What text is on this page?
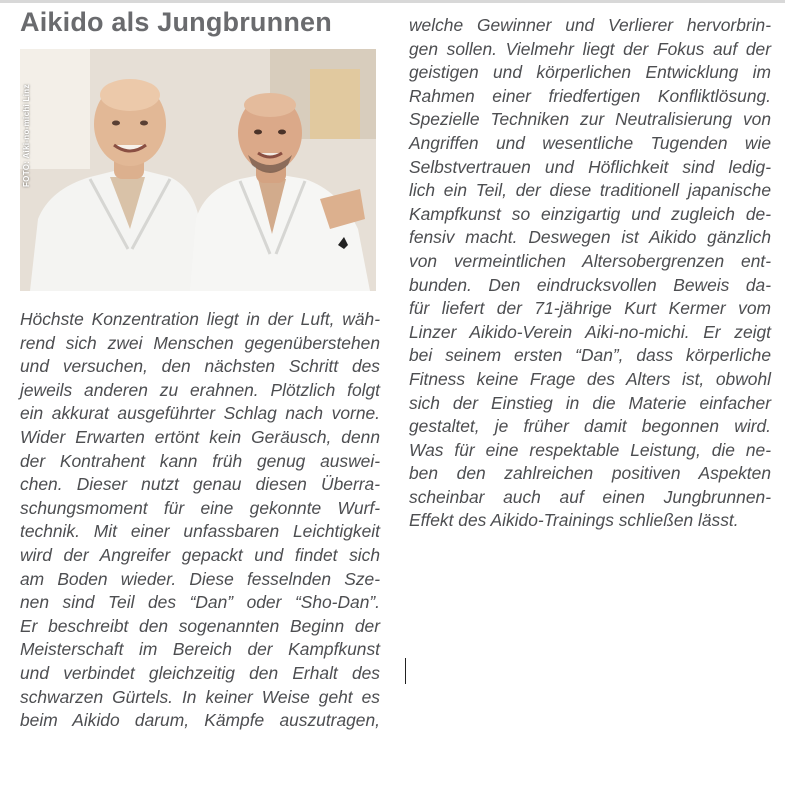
Aikido als Jungbrunnen
FOTO: Aiki-no-michi Linz
Höchste Konzentration liegt in der Luft, wäh-
rend sich zwei Menschen gegenüberstehen
und versuchen, den nächsten Schritt des
jeweils anderen zu erahnen. Plötzlich folgt
ein akkurat ausgeführter Schlag nach vorne.
Wider Erwarten ertönt kein Geräusch, denn
der Kontrahent kann früh genug auswei-
chen. Dieser nutzt genau diesen Überra-
schungsmoment für eine gekonnte Wurf-
technik. Mit einer unfassbaren Leichtigkeit
wird der Angreifer gepackt und findet sich
am Boden wieder. Diese fesselnden Sze-
nen sind Teil des “Dan” oder “Sho-Dan”.
Er beschreibt den sogenannten Beginn der
Meisterschaft im Bereich der Kampfkunst
und verbindet gleichzeitig den Erhalt des
schwarzen Gürtels. In keiner Weise geht es
beim Aikido darum, Kämpfe auszutragen,
welche Gewinner und Verlierer hervorbrin-
gen sollen. Vielmehr liegt der Fokus auf der
geistigen und körperlichen Entwicklung im
Rahmen einer friedfertigen Konfliktlösung.
Spezielle Techniken zur Neutralisierung von
Angriffen und wesentliche Tugenden wie
Selbstvertrauen und Höflichkeit sind ledig-
lich ein Teil, der diese traditionell japanische
Kampfkunst so einzigartig und zugleich de-
fensiv macht. Deswegen ist Aikido gänzlich
von vermeintlichen Altersobergrenzen ent-
bunden. Den eindrucksvollen Beweis da-
für liefert der 71-jährige Kurt Kermer vom
Linzer Aikido-Verein Aiki-no-michi. Er zeigt
bei seinem ersten “Dan”, dass körperliche
Fitness keine Frage des Alters ist, obwohl
sich der Einstieg in die Materie einfacher
gestaltet, je früher damit begonnen wird.
Was für eine respektable Leistung, die ne-
ben den zahlreichen positiven Aspekten
scheinbar auch auf einen Jungbrunnen-
Effekt des Aikido-Trainings schließen lässt.
